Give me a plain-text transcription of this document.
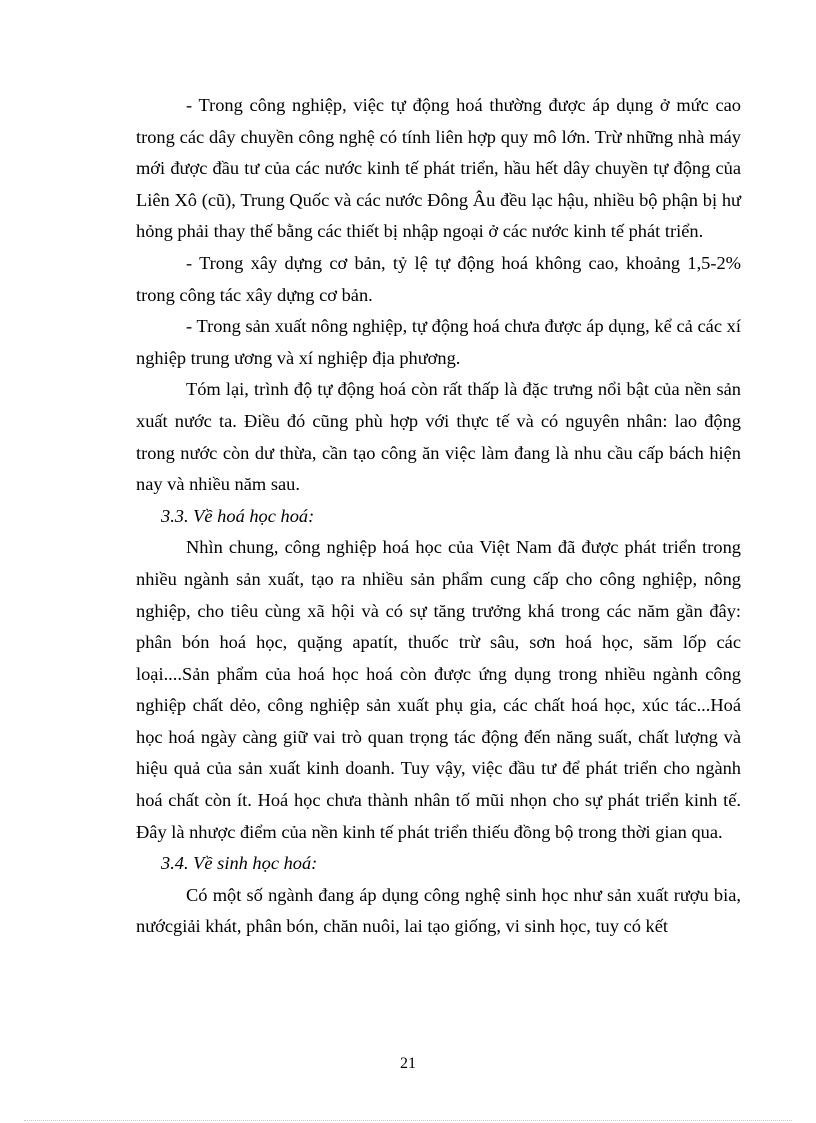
- Trong công nghiệp, việc tự động hoá thường được áp dụng ở mức cao trong các dây chuyền công nghệ có tính liên hợp quy mô lớn. Trừ những nhà máy mới được đầu tư của các nước kinh tế phát triển, hầu hết dây chuyền tự động của Liên Xô (cũ), Trung Quốc và các nước Đông Âu đều lạc hậu, nhiều bộ phận bị hư hỏng phải thay thế bằng các thiết bị nhập ngoại ở các nước kinh tế phát triển.

- Trong xây dựng cơ bản, tỷ lệ tự động hoá không cao, khoảng 1,5-2% trong công tác xây dựng cơ bản.

- Trong sản xuất nông nghiệp, tự động hoá chưa được áp dụng, kể cả các xí nghiệp trung ương và xí nghiệp địa phương.

Tóm lại, trình độ tự động hoá còn rất thấp là đặc trưng nổi bật của nền sản xuất nước ta. Điều đó cũng phù hợp với thực tế và có nguyên nhân: lao động trong nước còn dư thừa, cần tạo công ăn việc làm đang là nhu cầu cấp bách hiện nay và nhiều năm sau.

3.3. Về hoá học hoá:

Nhìn chung, công nghiệp hoá học của Việt Nam đã được phát triển trong nhiều ngành sản xuất, tạo ra nhiều sản phẩm cung cấp cho công nghiệp, nông nghiệp, cho tiêu cùng xã hội và có sự tăng trưởng khá trong các năm gần đây: phân bón hoá học, quặng apatít, thuốc trừ sâu, sơn hoá học, săm lốp các loại....Sản phẩm của hoá học hoá còn được ứng dụng trong nhiều ngành công nghiệp chất dẻo, công nghiệp sản xuất phụ gia, các chất hoá học, xúc tác...Hoá học hoá ngày càng giữ vai trò quan trọng tác động đến năng suất, chất lượng và hiệu quả của sản xuất kinh doanh. Tuy vậy, việc đầu tư để phát triển cho ngành hoá chất còn ít. Hoá học chưa thành nhân tố mũi nhọn cho sự phát triển kinh tế. Đây là nhược điểm của nền kinh tế phát triển thiếu đồng bộ trong thời gian qua.

3.4. Về sinh học hoá:

Có một số ngành đang áp dụng công nghệ sinh học như sản xuất rượu bia, nướcgiải khát, phân bón, chăn nuôi, lai tạo giống, vi sinh học, tuy có kết

21
